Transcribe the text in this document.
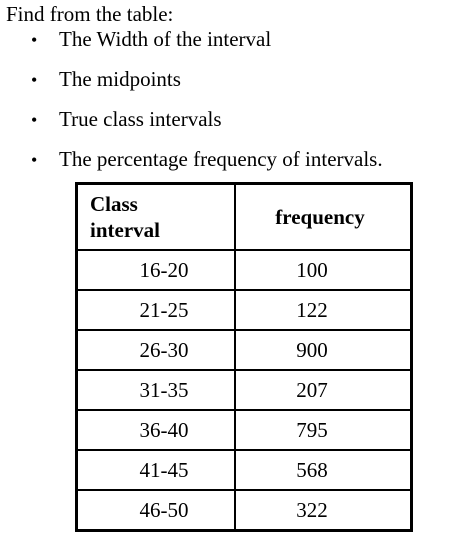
Find from the table:
• The Width of the interval
• The midpoints
• True class intervals
• The percentage frequency of intervals.
Class
interval	frequency
16-20	100
21-25	122
26-30	900
31-35	207
36-40	795
41-45	568
46-50	322
